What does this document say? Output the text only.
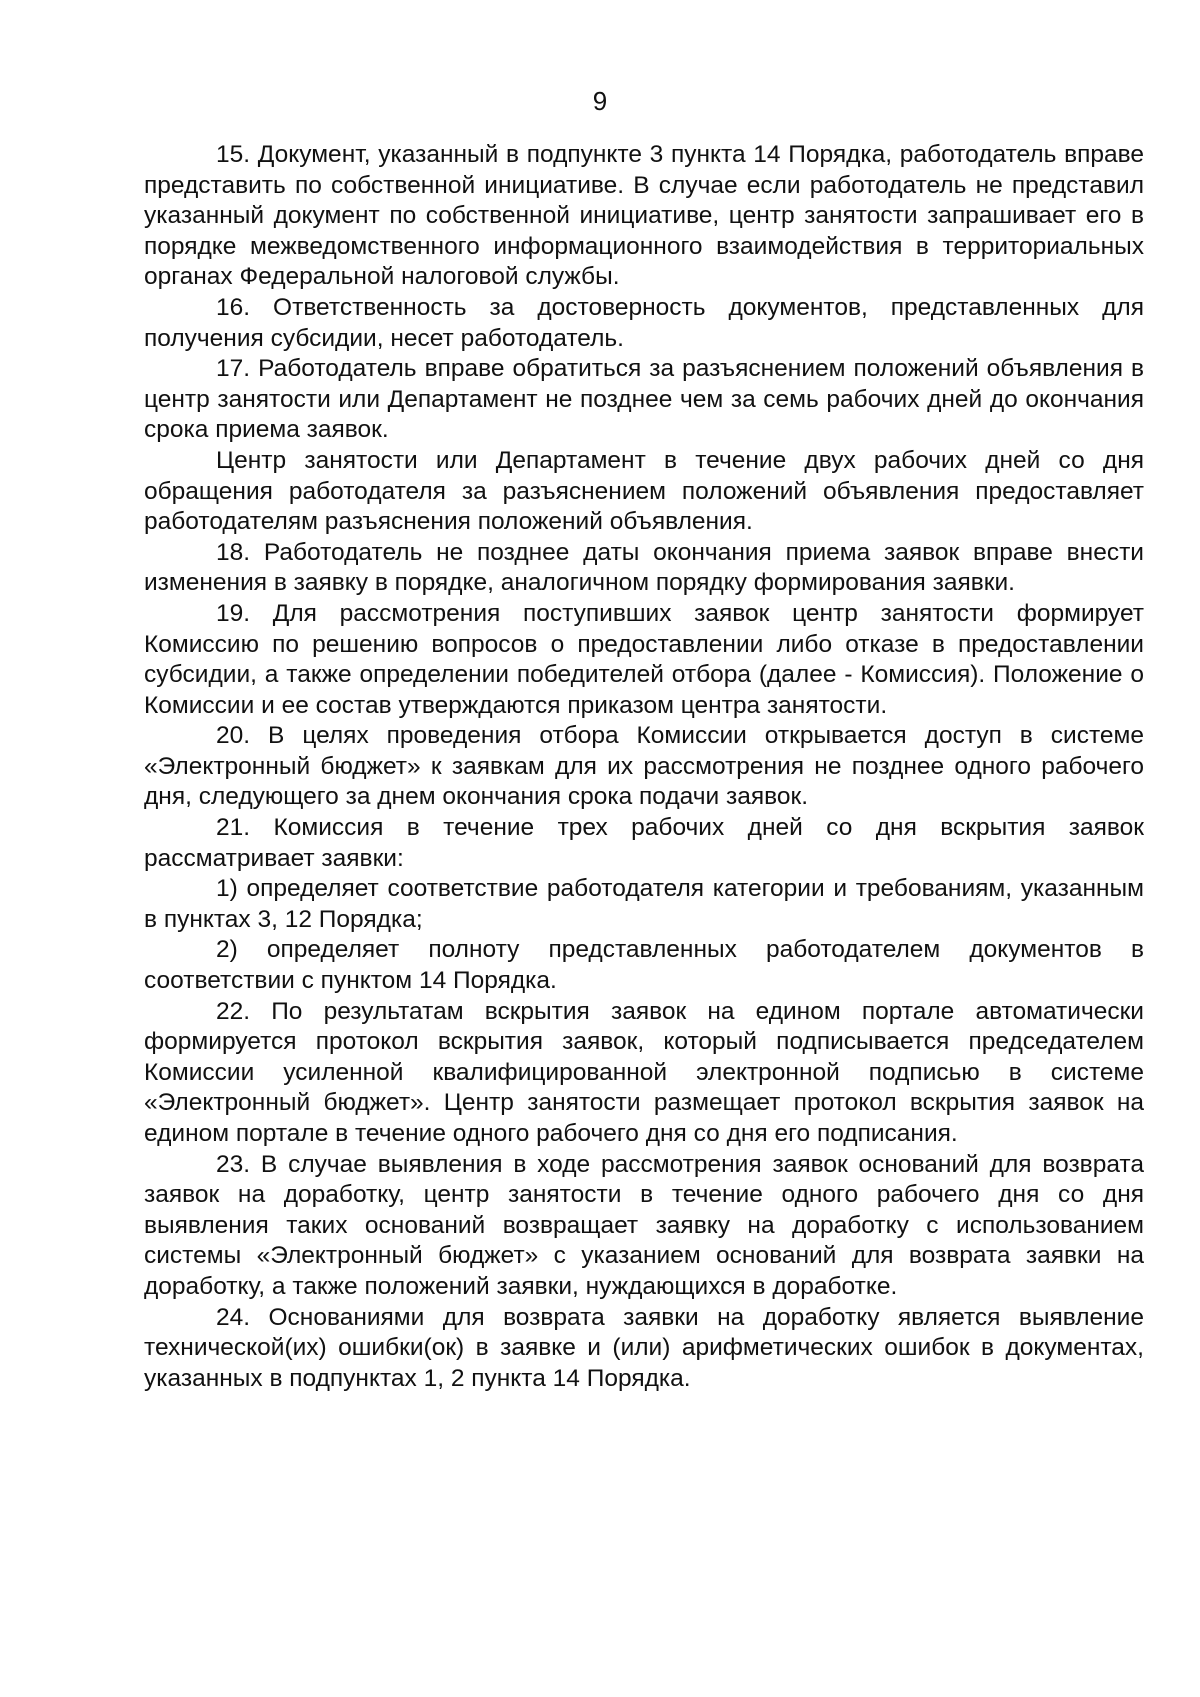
9

15. Документ, указанный в подпункте 3 пункта 14 Порядка, работодатель вправе представить по собственной инициативе. В случае если работодатель не представил указанный документ по собственной инициативе, центр занятости запрашивает его в порядке межведомственного информационного взаимодействия в территориальных органах Федеральной налоговой службы.

16. Ответственность за достоверность документов, представленных для получения субсидии, несет работодатель.

17. Работодатель вправе обратиться за разъяснением положений объявления в центр занятости или Департамент не позднее чем за семь рабочих дней до окончания срока приема заявок.

Центр занятости или Департамент в течение двух рабочих дней со дня обращения работодателя за разъяснением положений объявления предоставляет работодателям разъяснения положений объявления.

18. Работодатель не позднее даты окончания приема заявок вправе внести изменения в заявку в порядке, аналогичном порядку формирования заявки.

19. Для рассмотрения поступивших заявок центр занятости формирует Комиссию по решению вопросов о предоставлении либо отказе в предоставлении субсидии, а также определении победителей отбора (далее - Комиссия). Положение о Комиссии и ее состав утверждаются приказом центра занятости.

20. В целях проведения отбора Комиссии открывается доступ в системе «Электронный бюджет» к заявкам для их рассмотрения не позднее одного рабочего дня, следующего за днем окончания срока подачи заявок.

21. Комиссия в течение трех рабочих дней со дня вскрытия заявок рассматривает заявки:

1) определяет соответствие работодателя категории и требованиям, указанным в пунктах 3, 12 Порядка;

2) определяет полноту представленных работодателем документов в соответствии с пунктом 14 Порядка.

22. По результатам вскрытия заявок на едином портале автоматически формируется протокол вскрытия заявок, который подписывается председателем Комиссии усиленной квалифицированной электронной подписью в системе «Электронный бюджет». Центр занятости размещает протокол вскрытия заявок на едином портале в течение одного рабочего дня со дня его подписания.

23. В случае выявления в ходе рассмотрения заявок оснований для возврата заявок на доработку, центр занятости в течение одного рабочего дня со дня выявления таких оснований возвращает заявку на доработку с использованием системы «Электронный бюджет» с указанием оснований для возврата заявки на доработку, а также положений заявки, нуждающихся в доработке.

24. Основаниями для возврата заявки на доработку является выявление технической(их) ошибки(ок) в заявке и (или) арифметических ошибок в документах, указанных в подпунктах 1, 2 пункта 14 Порядка.
